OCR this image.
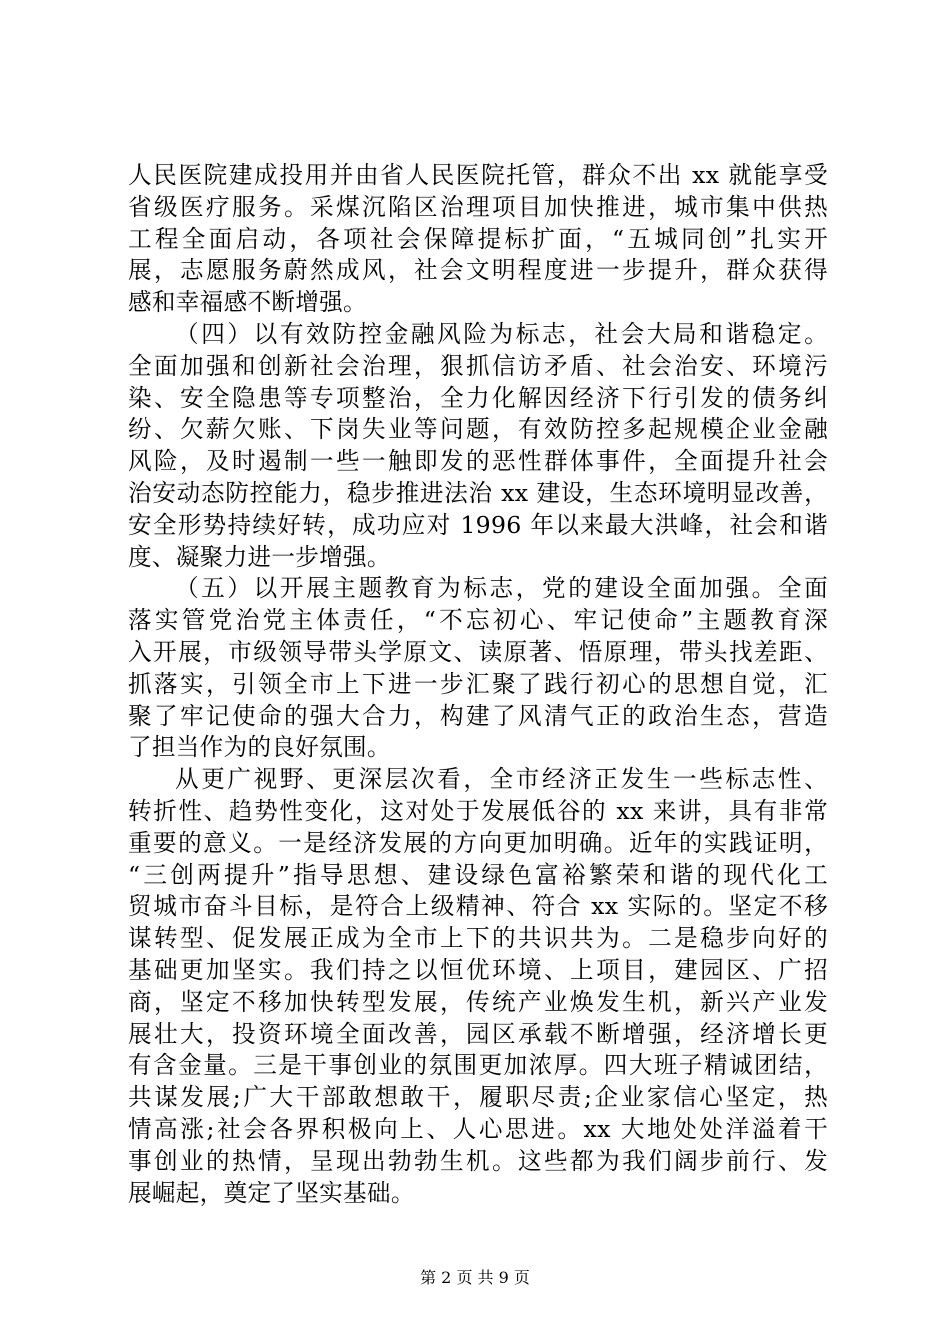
人民医院建成投用并由省人民医院托管，群众不出 xx 就能享受
省级医疗服务。采煤沉陷区治理项目加快推进，城市集中供热
工程全面启动，各项社会保障提标扩面，“五城同创”扎实开
展，志愿服务蔚然成风，社会文明程度进一步提升，群众获得
感和幸福感不断增强。
（四）以有效防控金融风险为标志，社会大局和谐稳定。
全面加强和创新社会治理，狠抓信访矛盾、社会治安、环境污
染、安全隐患等专项整治，全力化解因经济下行引发的债务纠
纷、欠薪欠账、下岗失业等问题，有效防控多起规模企业金融
风险，及时遏制一些一触即发的恶性群体事件，全面提升社会
治安动态防控能力，稳步推进法治 xx 建设，生态环境明显改善，
安全形势持续好转，成功应对 1996 年以来最大洪峰，社会和谐
度、凝聚力进一步增强。
（五）以开展主题教育为标志，党的建设全面加强。全面
落实管党治党主体责任，“不忘初心、牢记使命”主题教育深
入开展，市级领导带头学原文、读原著、悟原理，带头找差距、
抓落实，引领全市上下进一步汇聚了践行初心的思想自觉，汇
聚了牢记使命的强大合力，构建了风清气正的政治生态，营造
了担当作为的良好氛围。
从更广视野、更深层次看，全市经济正发生一些标志性、
转折性、趋势性变化，这对处于发展低谷的 xx 来讲，具有非常
重要的意义。一是经济发展的方向更加明确。近年的实践证明，
“三创两提升”指导思想、建设绿色富裕繁荣和谐的现代化工
贸城市奋斗目标，是符合上级精神、符合 xx 实际的。坚定不移
谋转型、促发展正成为全市上下的共识共为。二是稳步向好的
基础更加坚实。我们持之以恒优环境、上项目，建园区、广招
商，坚定不移加快转型发展，传统产业焕发生机，新兴产业发
展壮大，投资环境全面改善，园区承载不断增强，经济增长更
有含金量。三是干事创业的氛围更加浓厚。四大班子精诚团结，
共谋发展;广大干部敢想敢干，履职尽责;企业家信心坚定，热
情高涨;社会各界积极向上、人心思进。xx 大地处处洋溢着干
事创业的热情，呈现出勃勃生机。这些都为我们阔步前行、发
展崛起，奠定了坚实基础。
第 2 页 共 9 页
